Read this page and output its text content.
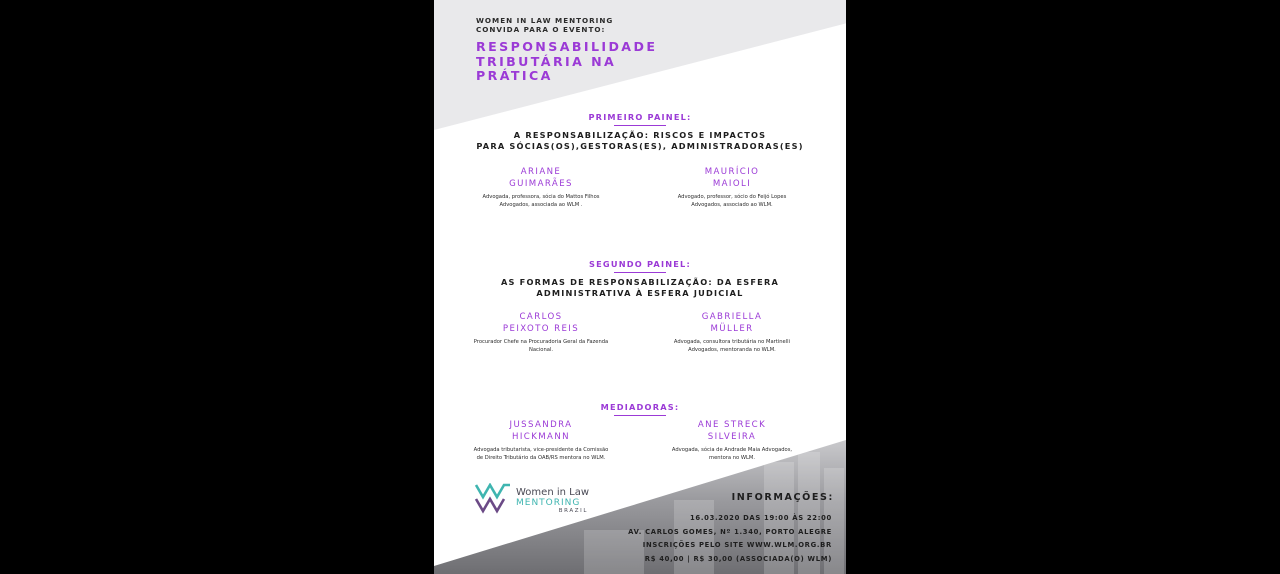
WOMEN IN LAW MENTORING
CONVIDA PARA O EVENTO:
RESPONSABILIDADE
TRIBUTÁRIA NA
PRÁTICA
PRIMEIRO PAINEL:
A RESPONSABILIZAÇÃO: RISCOS E IMPACTOS
PARA SÓCIAS(OS),GESTORAS(ES), ADMINISTRADORAS(ES)
ARIANE
GUIMARÃES
Advogada, professora, sócia do Mattos Filhos
Advogados, associada ao WLM .
MAURÍCIO
MAIOLI
Advogado, professor, sócio do Feijó Lopes
Advogados, associado ao WLM.
SEGUNDO PAINEL:
AS FORMAS DE RESPONSABILIZAÇÃO: DA ESFERA
ADMINISTRATIVA À ESFERA JUDICIAL
CARLOS
PEIXOTO REIS
Procurador Chefe na Procuradoria Geral da Fazenda
Nacional.
GABRIELLA
MÜLLER
Advogada, consultora tributária no Martinelli
Advogados, mentoranda no WLM.
MEDIADORAS:
JUSSANDRA
HICKMANN
Advogada tributarista, vice-presidente da Comissão
de Direito Tributário da OAB/RS mentora no WLM.
ANE STRECK
SILVEIRA
Advogada, sócia de Andrade Maia Advogados,
mentora no WLM.
Women in Law
MENTORING
BRAZIL
INFORMAÇÕES:
16.03.2020 DAS 19:00 ÀS 22:00
AV. CARLOS GOMES, Nº 1.340, PORTO ALEGRE
INSCRIÇÕES PELO SITE WWW.WLM.ORG.BR
R$ 40,00 | R$ 30,00 (ASSOCIADA(O) WLM)
